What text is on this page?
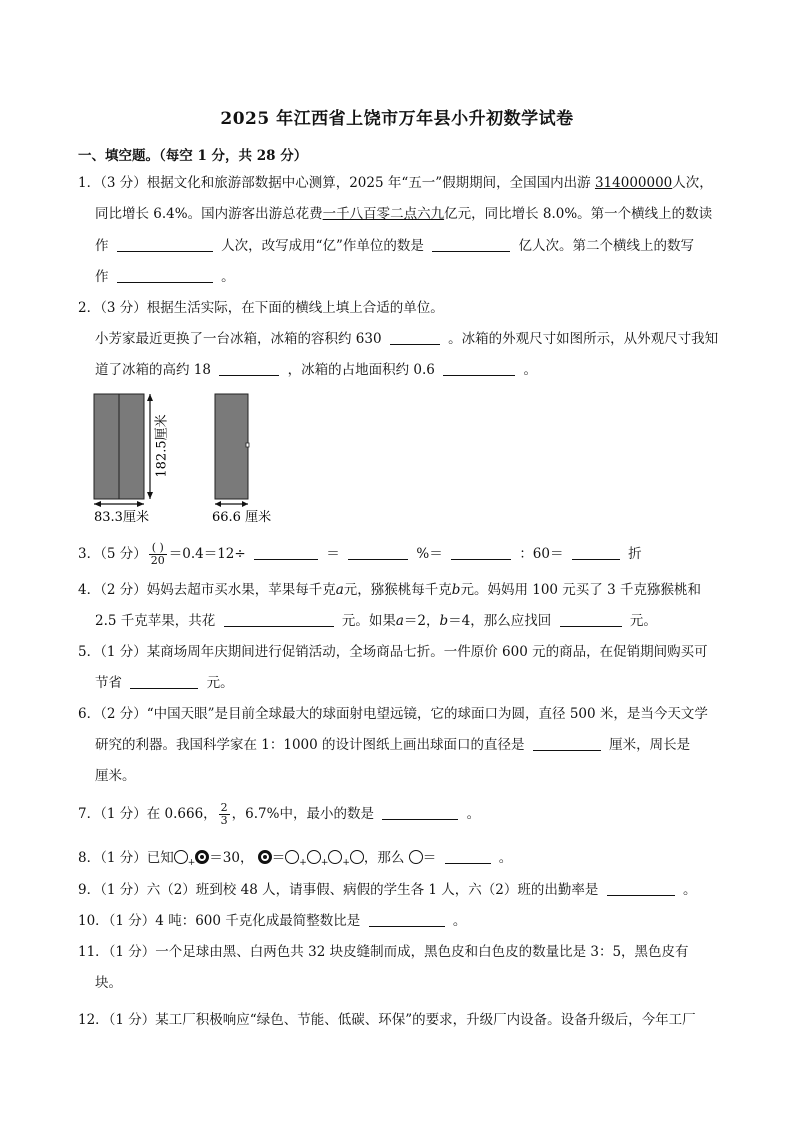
2025 年江西省上饶市万年县小升初数学试卷
一、填空题。（每空 1 分，共 28 分）
1．（3 分）根据文化和旅游部数据中心测算，2025 年“五一”假期期间，全国国内出游 314000000人次，
同比增长 6.4%。国内游客出游总花费一千八百零二点六九亿元，同比增长 8.0%。第一个横线上的数读
作	人次，改写成用“亿”作单位的数是	亿人次。第二个横线上的数写
作	。
2．（3 分）根据生活实际，在下面的横线上填上合适的单位。
小芳家最近更换了一台冰箱，冰箱的容积约 630	。冰箱的外观尺寸如图所示，从外观尺寸我知
道了冰箱的高约 18	，冰箱的占地面积约 0.6	。
182.5厘米
83.3厘米	66.6 厘米
3．（5 分） $\frac{( )}{20} =0.4=12\div$	＝	%＝	：60＝	折
4．（2 分）妈妈去超市买水果，苹果每千克a元，猕猴桃每千克b元。妈妈用 100 元买了 3 千克猕猴桃和
2.5 千克苹果，共花	元。如果a＝2，b＝4，那么应找回	元。
5．（1 分）某商场周年庆期间进行促销活动，全场商品七折。一件原价 600 元的商品，在促销期间购买可
节省	元。
6．（2 分）“中国天眼”是目前全球最大的球面射电望远镜，它的球面口为圆，直径 500 米，是当今天文学
研究的利器。我国科学家在 1：1000 的设计图纸上画出球面口的直径是	厘米，周长是
厘米。
7．（1 分）在 0.666， $\frac{2}{3}$ ，6.7%中，最小的数是	。
8．（1 分）已知 $_+$ ＝30， ＝ $_+$ $_+$ $_+$ ，那么 ＝	。
9．（1 分）六（2）班到校 48 人，请事假、病假的学生各 1 人，六（2）班的出勤率是	。
10．（1 分）4 吨：600 千克化成最简整数比是	。
11．（1 分）一个足球由黑、白两色共 32 块皮缝制而成，黑色皮和白色皮的数量比是 3：5，黑色皮有
块。
12．（1 分）某工厂积极响应“绿色、节能、低碳、环保”的要求，升级厂内设备。设备升级后，今年工厂
